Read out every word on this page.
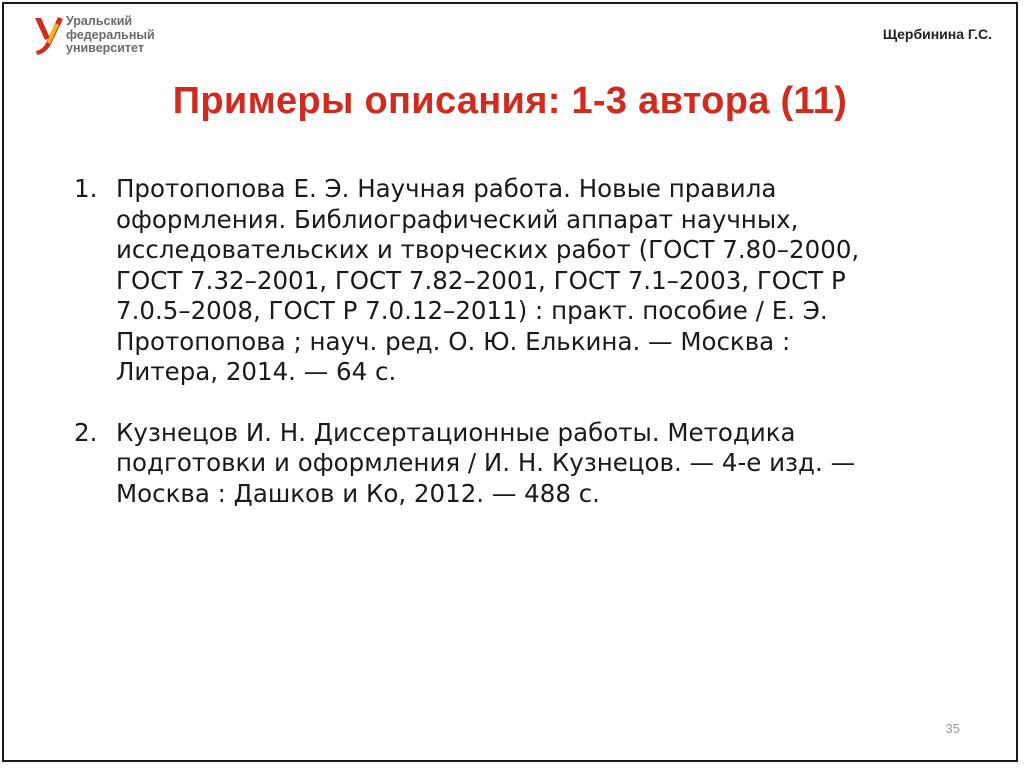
Уральский
федеральный
университет
Щербинина Г.С.
Примеры описания: 1-3 автора (11)
1. Протопопова Е. Э. Научная работа. Новые правила
оформления. Библиографический аппарат научных,
исследовательских и творческих работ (ГОСТ 7.80–2000,
ГОСТ 7.32–2001, ГОСТ 7.82–2001, ГОСТ 7.1–2003, ГОСТ Р
7.0.5–2008, ГОСТ Р 7.0.12–2011) : практ. пособие / Е. Э.
Протопопова ; науч. ред. О. Ю. Елькина. — Москва :
Литера, 2014. — 64 с.
2. Кузнецов И. Н. Диссертационные работы. Методика
подготовки и оформления / И. Н. Кузнецов. — 4-е изд. —
Москва : Дашков и Ко, 2012. — 488 с.
35
